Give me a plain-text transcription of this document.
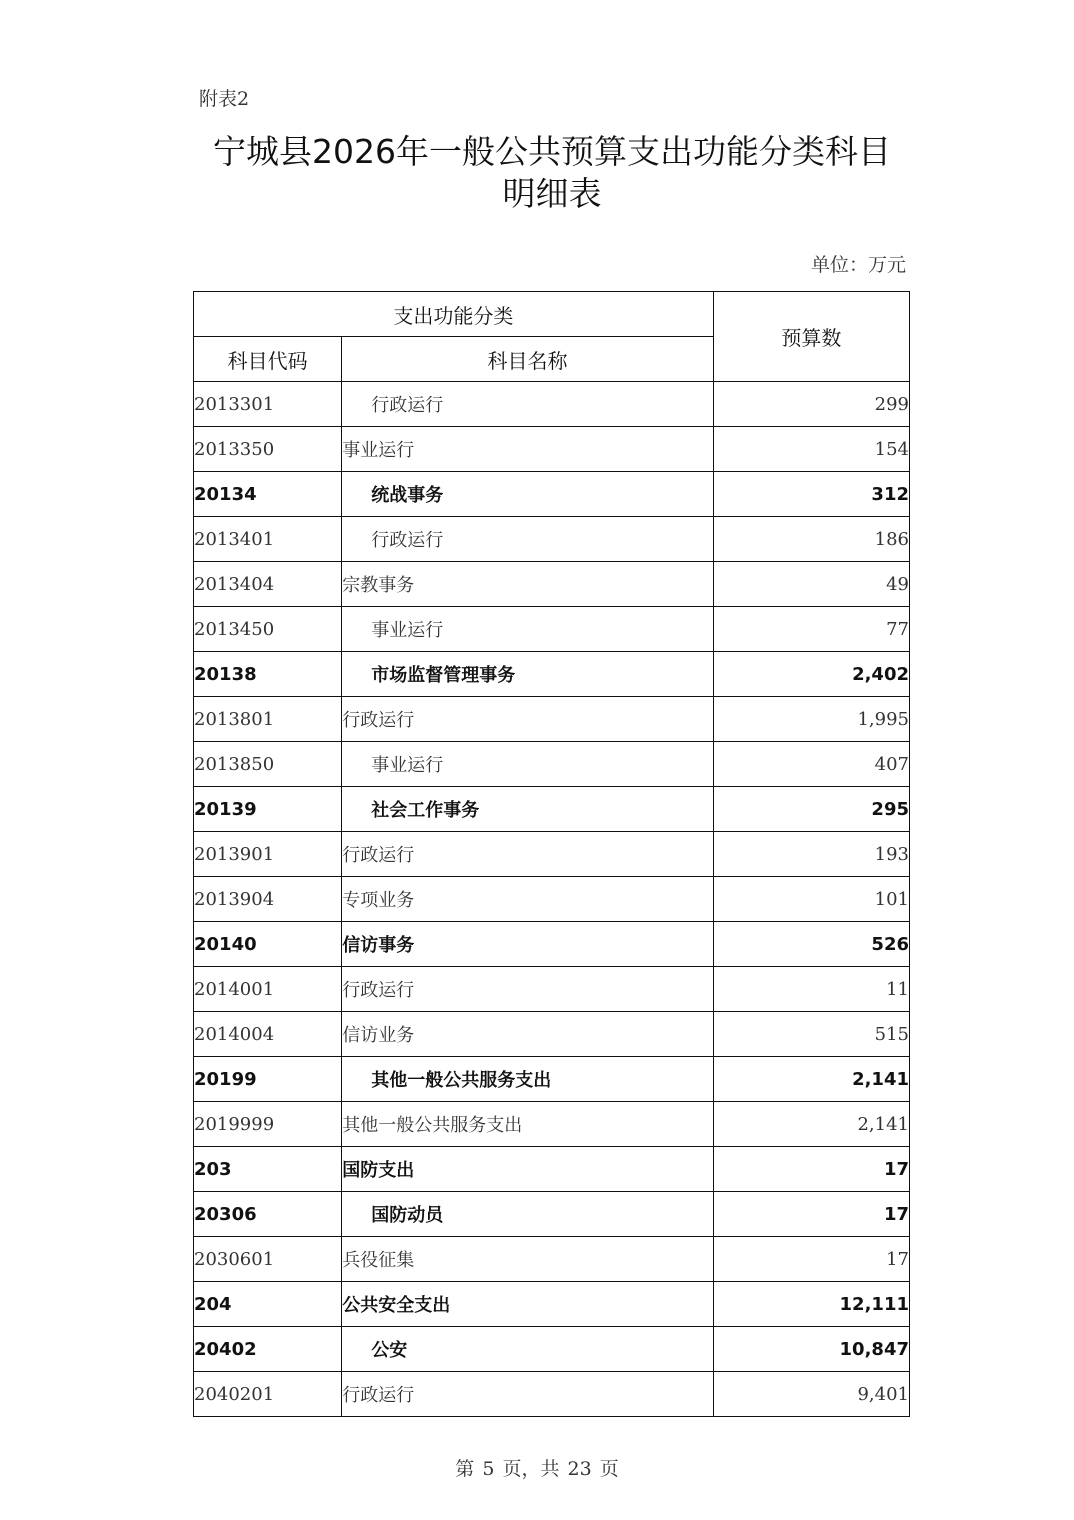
附表2
宁城县2026年一般公共预算支出功能分类科目
明细表
单位：万元
支出功能分类		预算数
科目代码	科目名称	
2013301	行政运行	299
2013350	事业运行	154
20134	统战事务	312
2013401	行政运行	186
2013404	宗教事务	49
2013450	事业运行	77
20138	市场监督管理事务	2,402
2013801	行政运行	1,995
2013850	事业运行	407
20139	社会工作事务	295
2013901	行政运行	193
2013904	专项业务	101
20140	信访事务	526
2014001	行政运行	11
2014004	信访业务	515
20199	其他一般公共服务支出	2,141
2019999	其他一般公共服务支出	2,141
203	国防支出	17
20306	国防动员	17
2030601	兵役征集	17
204	公共安全支出	12,111
20402	公安	10,847
2040201	行政运行	9,401
第 5 页，共 23 页
